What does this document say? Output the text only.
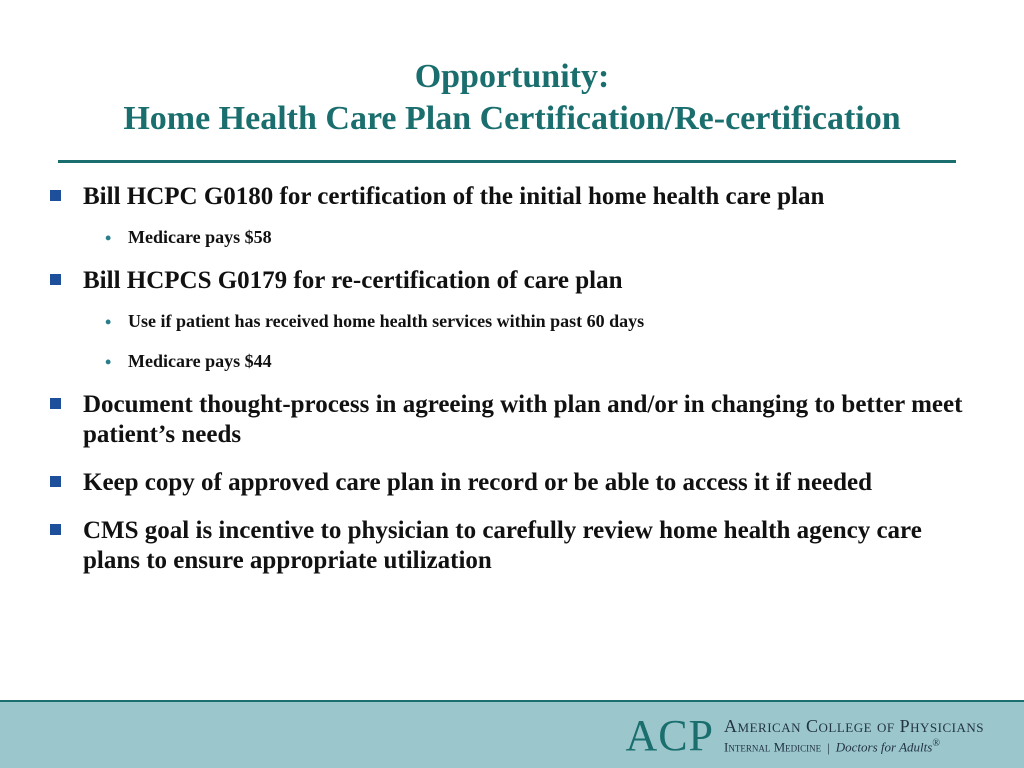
Opportunity:
Home Health Care Plan Certification/Re-certification
Bill HCPC G0180 for certification of the initial home health care plan
• Medicare pays $58
Bill HCPCS G0179 for re-certification of care plan
• Use if patient has received home health services within past 60 days
• Medicare pays $44
Document thought-process in agreeing with plan and/or in changing to better meet patient’s needs
Keep copy of approved care plan in record or be able to access it if needed
CMS goal is incentive to physician to carefully review home health agency care plans to ensure appropriate utilization
ACP American College of Physicians
Internal Medicine | Doctors for Adults®
